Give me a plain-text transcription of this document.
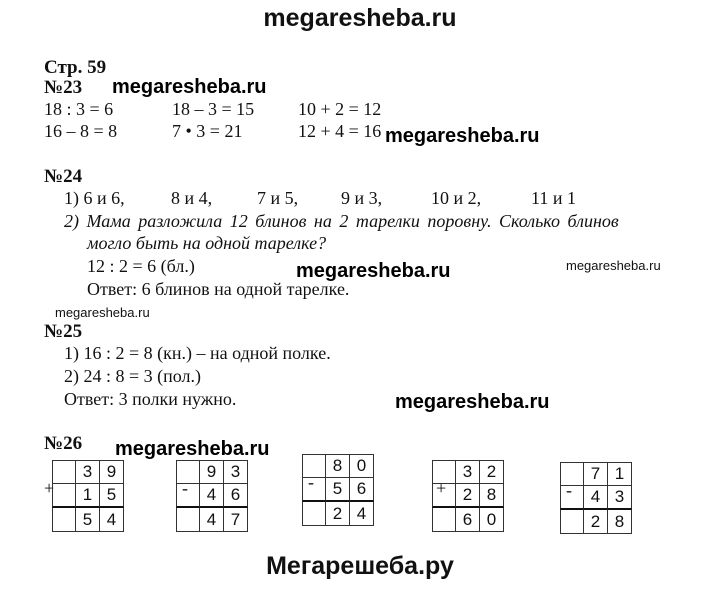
megaresheba.ru
megaresheba.ru
megaresheba.ru
megaresheba.ru	megaresheba.ru
megaresheba.ru
megaresheba.ru
megaresheba.ru
Мегарешеба.ру
Стр. 59
№23
18 : 3 = 6	18 – 3 = 15 10 + 2 = 12
16 – 8 = 8	7 • 3 = 21	12 + 4 = 16
№24
1) 6 и 6,	8 и 4, 7 и 5, 9 и 3,	10 и 2,	11 и 1
2) Мама разложила 12 блинов на 2 тарелки поровну. Сколько блинов
могло быть на одной тарелке?
12 : 2 = 6 (бл.)
Ответ: 6 блинов на одной тарелке.
№25
1) 16 : 2 = 8 (кн.) – на одной полке.
2) 24 : 8 = 3 (пол.)
Ответ: 3 полки нужно.
№26
+
3 9
1 5
5 4
-
9 3
4 6
4 7
-
8 0
5 6
2 4
+
3 2
2 8
6 0
-
7 1
4 3
2 8
